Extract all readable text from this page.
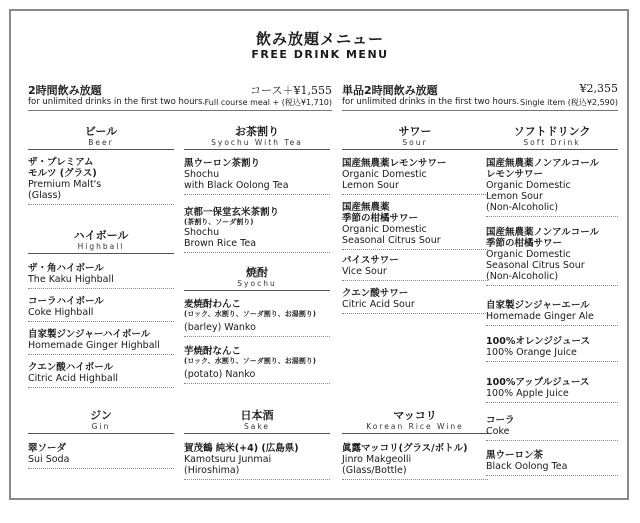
飲み放題メニュー
FREE DRINK MENU
2時間飲み放題	コース＋¥1,555
for unlimited drinks in the first two hours. Full course meal + (税込¥1,710)
単品2時間飲み放題	¥2,355
for unlimited drinks in the first two hours. Single item (税込¥2,590)
ビール
Beer
ザ・プレミアム
モルツ (グラス)
Premium Malt's
(Glass)
ハイボール
Highball
ザ・角ハイボール
The Kaku Highball
コーラハイボール
Coke Highball
自家製ジンジャーハイボール
Homemade Ginger Highball
クエン酸ハイボール
Citric Acid Highball
ジン
Gin
翠ソーダ
Sui Soda
お茶割り
Syochu With Tea
黒ウーロン茶割り
Shochu
with Black Oolong Tea
京都一保堂玄米茶割り
(茶割り、ソーダ割り)
Shochu
Brown Rice Tea
焼酎
Syochu
麦焼酎わんこ
(ロック、水割り、ソーダ割り、お湯割り)
(barley) Wanko
芋焼酎なんこ
(ロック、水割り、ソーダ割り、お湯割り)
(potato) Nanko
日本酒
Sake
賀茂鶴 純米(+4) (広島県)
Kamotsuru Junmai
(Hiroshima)
サワー
Sour
国産無農薬レモンサワー
Organic Domestic
Lemon Sour
国産無農薬
季節の柑橘サワー
Organic Domestic
Seasonal Citrus Sour
バイスサワー
Vice Sour
クエン酸サワー
Citric Acid Sour
マッコリ
Korean Rice Wine
眞露マッコリ(グラス/ボトル)
Jinro Makgeolli
(Glass/Bottle)
ソフトドリンク
Soft Drink
国産無農薬ノンアルコール
レモンサワー
Organic Domestic
Lemon Sour
(Non-Alcoholic)
国産無農薬ノンアルコール
季節の柑橘サワー
Organic Domestic
Seasonal Citrus Sour
(Non-Alcoholic)
自家製ジンジャーエール
Homemade Ginger Ale
100%オレンジジュース
100% Orange Juice
100%アップルジュース
100% Apple Juice
コーラ
Coke
黒ウーロン茶
Black Oolong Tea
